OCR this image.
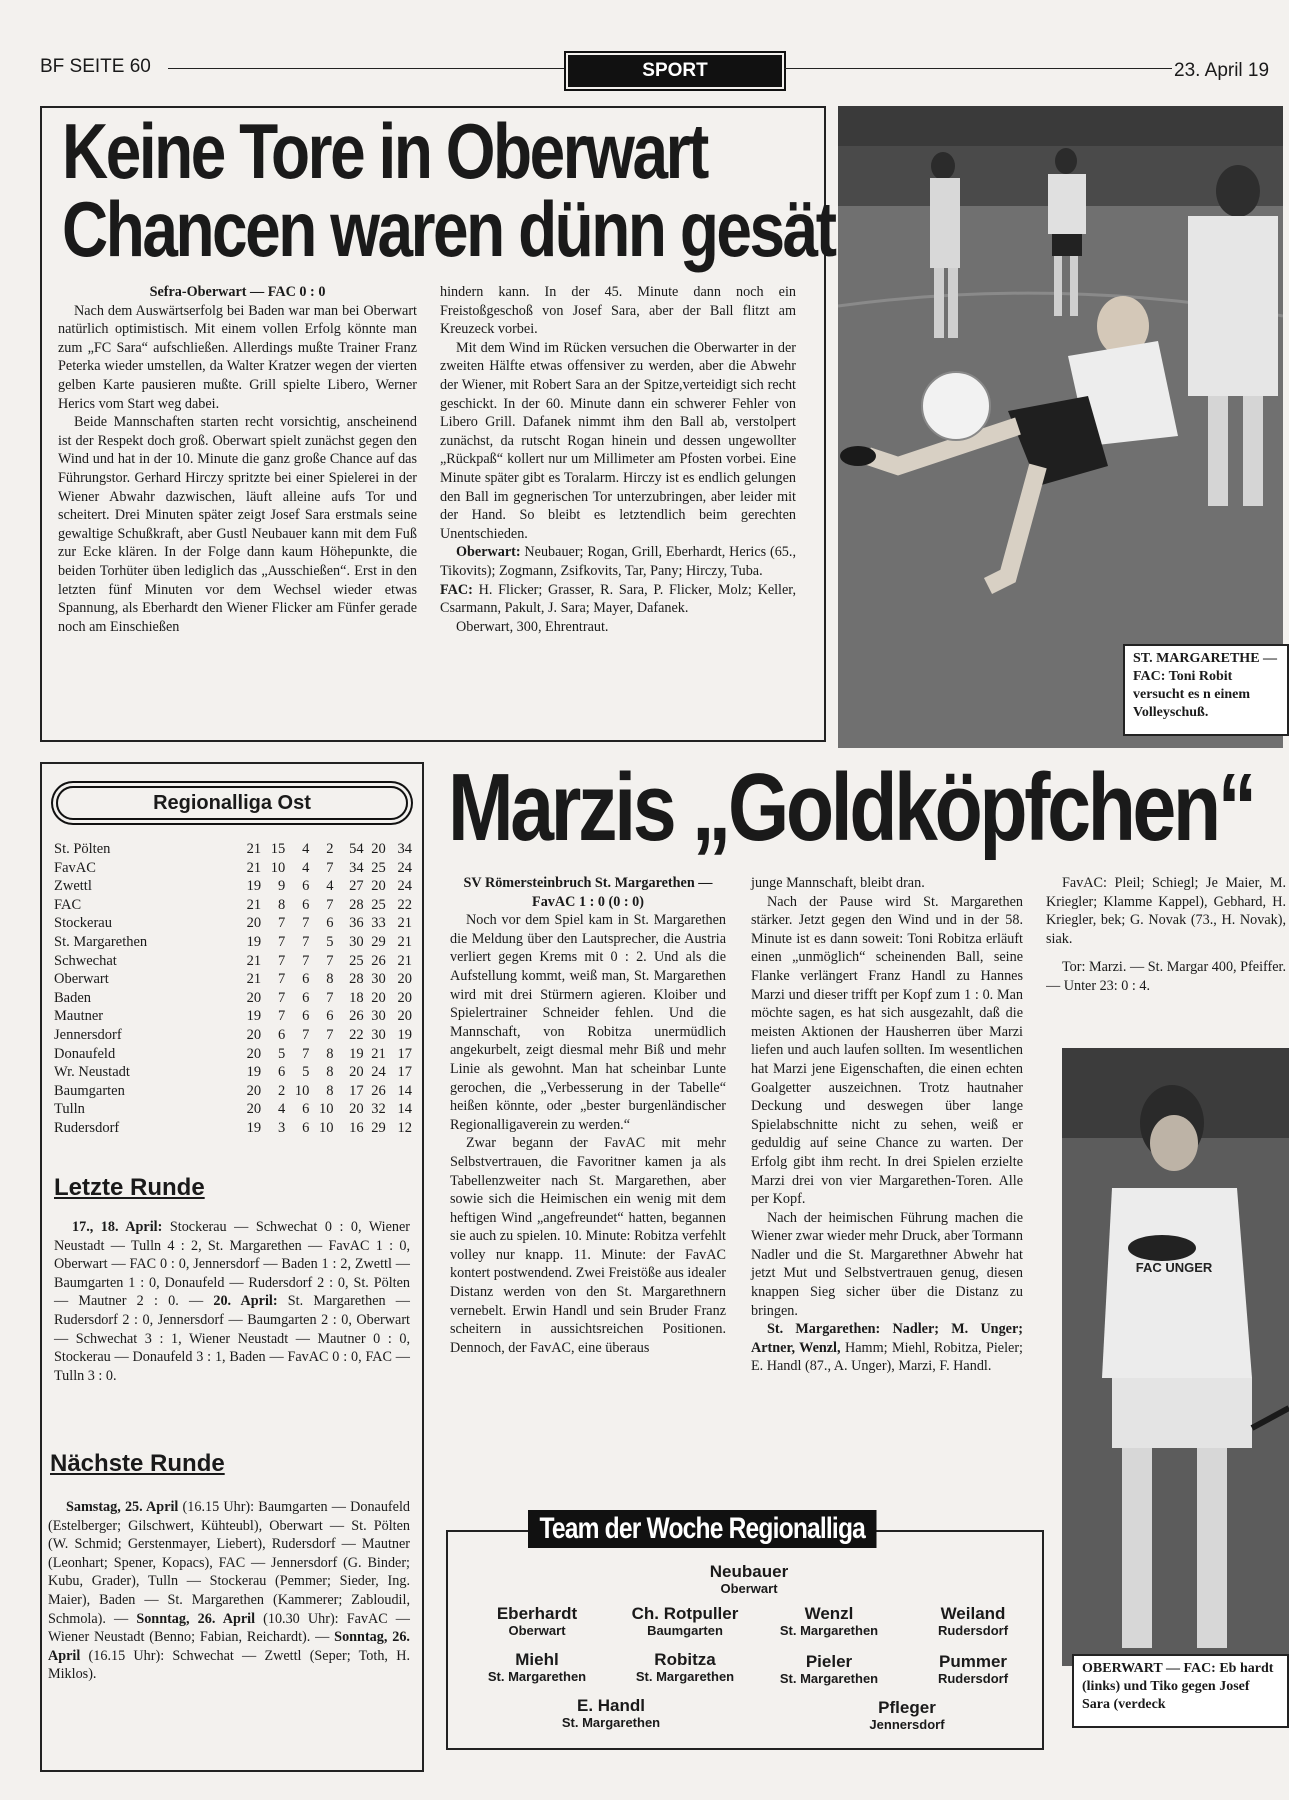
BF SEITE 60	SPORT	23. April 19
Keine Tore in Oberwart
Chancen waren dünn gesät

Sefra-Oberwart — FAC 0 : 0

Nach dem Auswärtserfolg bei Baden war man bei Oberwart natürlich optimistisch. Mit einem vollen Erfolg könnte man zum „FC Sara“ aufschließen. Allerdings mußte Trainer Franz Peterka wieder umstellen, da Walter Kratzer wegen der vierten gelben Karte pausieren mußte. Grill spielte Libero, Werner Herics vom Start weg dabei.

Beide Mannschaften starten recht vorsichtig, anscheinend ist der Respekt doch groß. Oberwart spielt zunächst gegen den Wind und hat in der 10. Minute die ganz große Chance auf das Führungstor. Gerhard Hirczy spritzte bei einer Spielerei in der Wiener Abwahr dazwischen, läuft alleine aufs Tor und scheitert. Drei Minuten später zeigt Josef Sara erstmals seine gewaltige Schußkraft, aber Gustl Neubauer kann mit dem Fuß zur Ecke klären. In der Folge dann kaum Höhepunkte, die beiden Torhüter üben lediglich das „Ausschießen“. Erst in den letzten fünf Minuten vor dem Wechsel wieder etwas Spannung, als Eberhardt den Wiener Flicker am Fünfer gerade noch am Einschießen

hindern kann. In der 45. Minute dann noch ein Freistoßgeschoß von Josef Sara, aber der Ball flitzt am Kreuzeck vorbei.

Mit dem Wind im Rücken versuchen die Oberwarter in der zweiten Hälfte etwas offensiver zu werden, aber die Abwehr der Wiener, mit Robert Sara an der Spitze,verteidigt sich recht geschickt. In der 60. Minute dann ein schwerer Fehler von Libero Grill. Dafanek nimmt ihm den Ball ab, verstolpert zunächst, da rutscht Rogan hinein und dessen ungewollter „Rückpaß“ kollert nur um Millimeter am Pfosten vorbei. Eine Minute später gibt es Toralarm. Hirczy ist es endlich gelungen den Ball im gegnerischen Tor unterzubringen, aber leider mit der Hand. So bleibt es letztendlich beim gerechten Unentschieden.

Oberwart: Neubauer; Rogan, Grill, Eberhardt, Herics (65., Tikovits); Zogmann, Zsifkovits, Tar, Pany; Hirczy, Tuba.

FAC: H. Flicker; Grasser, R. Sara, P. Flicker, Molz; Keller, Csarmann, Pakult, J. Sara; Mayer, Dafanek.

Oberwart, 300, Ehrentraut.

ST. MARGARETHE — FAC: Toni Robit versucht es n einem Volleyschuß.
Regionalliga Ost
St. Pölten	21	15	4	2	54	20	34
FavAC	21	10	4	7	34	25	24
Zwettl	19	9	6	4	27	20	24
FAC	21	8	6	7	28	25	22
Stockerau	20	7	7	6	36	33	21
St. Margarethen	19	7	7	5	30	29	21
Schwechat	21	7	7	7	25	26	21
Oberwart	21	7	6	8	28	30	20
Baden	20	7	6	7	18	20	20
Mautner	19	7	6	6	26	30	20
Jennersdorf	20	6	7	7	22	30	19
Donaufeld	20	5	7	8	19	21	17
Wr. Neustadt	19	6	5	8	20	24	17
Baumgarten	20	2	10	8	17	26	14
Tulln	20	4	6	10	20	32	14
Rudersdorf	19	3	6	10	16	29	12
Letzte Runde

17., 18. April: Stockerau — Schwechat 0 : 0, Wiener Neustadt — Tulln 4 : 2, St. Margarethen — FavAC 1 : 0, Oberwart — FAC 0 : 0, Jennersdorf — Baden 1 : 2, Zwettl — Baumgarten 1 : 0, Donaufeld — Rudersdorf 2 : 0, St. Pölten — Mautner 2 : 0. — 20. April: St. Margarethen — Rudersdorf 2 : 0, Jennersdorf — Baumgarten 2 : 0, Oberwart — Schwechat 3 : 1, Wiener Neustadt — Mautner 0 : 0, Stockerau — Donaufeld 3 : 1, Baden — FavAC 0 : 0, FAC — Tulln 3 : 0.

Nächste Runde

Samstag, 25. April (16.15 Uhr): Baumgarten — Donaufeld (Estelberger; Gilschwert, Kühteubl), Oberwart — St. Pölten (W. Schmid; Gerstenmayer, Liebert), Rudersdorf — Mautner (Leonhart; Spener, Kopacs), FAC — Jennersdorf (G. Binder; Kubu, Grader), Tulln — Stockerau (Pemmer; Sieder, Ing. Maier), Baden — St. Margarethen (Kammerer; Zabloudil, Schmola). — Sonntag, 26. April (10.30 Uhr): FavAC — Wiener Neustadt (Benno; Fabian, Reichardt). — Sonntag, 26. April (16.15 Uhr): Schwechat — Zwettl (Seper; Toth, H. Miklos).

Marzis „Goldköpfchen“

SV Römersteinbruch St. Margarethen — FavAC 1 : 0 (0 : 0)

Noch vor dem Spiel kam in St. Margarethen die Meldung über den Lautsprecher, die Austria verliert gegen Krems mit 0 : 2. Und als die Aufstellung kommt, weiß man, St. Margarethen wird mit drei Stürmern agieren. Kloiber und Spielertrainer Schneider fehlen. Und die Mannschaft, von Robitza unermüdlich angekurbelt, zeigt diesmal mehr Biß und mehr Linie als gewohnt. Man hat scheinbar Lunte gerochen, die „Verbesserung in der Tabelle“ heißen könnte, oder „bester burgenländischer Regionalligaverein zu werden.“

Zwar begann der FavAC mit mehr Selbstvertrauen, die Favoritner kamen ja als Tabellenzweiter nach St. Margarethen, aber sowie sich die Heimischen ein wenig mit dem heftigen Wind „angefreundet“ hatten, begannen sie auch zu spielen. 10. Minute: Robitza verfehlt volley nur knapp. 11. Minute: der FavAC kontert postwendend. Zwei Freistöße aus idealer Distanz werden von den St. Margarethnern vernebelt. Erwin Handl und sein Bruder Franz scheitern in aussichtsreichen Positionen. Dennoch, der FavAC, eine überaus

junge Mannschaft, bleibt dran.

Nach der Pause wird St. Margarethen stärker. Jetzt gegen den Wind und in der 58. Minute ist es dann soweit: Toni Robitza erläuft einen „unmöglich“ scheinenden Ball, seine Flanke verlängert Franz Handl zu Hannes Marzi und dieser trifft per Kopf zum 1 : 0. Man möchte sagen, es hat sich ausgezahlt, daß die meisten Aktionen der Hausherren über Marzi liefen und auch laufen sollten. Im wesentlichen hat Marzi jene Eigenschaften, die einen echten Goalgetter auszeichnen. Trotz hautnaher Deckung und deswegen über lange Spielabschnitte nicht zu sehen, weiß er geduldig auf seine Chance zu warten. Der Erfolg gibt ihm recht. In drei Spielen erzielte Marzi drei von vier Margarethen-Toren. Alle per Kopf.

Nach der heimischen Führung machen die Wiener zwar wieder mehr Druck, aber Tormann Nadler und die St. Margarethner Abwehr hat jetzt Mut und Selbstvertrauen genug, diesen knappen Sieg sicher über die Distanz zu bringen.

St. Margarethen: Nadler; M. Unger; Artner, Wenzl, Hamm; Miehl, Robitza, Pieler; E. Handl (87., A. Unger), Marzi, F. Handl.

FavAC: Pleil; Schiegl; Je Maier, M. Kriegler; Klamme Kappel), Gebhard, H. Kriegler, bek; G. Novak (73., H. Novak), siak.

Tor: Marzi. — St. Margar 400, Pfeiffer. — Unter 23: 0 : 4.

FAC UNGER
OBERWART — FAC: Eb hardt (links) und Tiko gegen Josef Sara (verdeck
Team der Woche Regionalliga
Neubauer
Oberwart
Eberhardt
Oberwart
Ch. Rotpuller
Baumgarten
Wenzl
St. Margarethen
Weiland
Rudersdorf
Miehl
St. Margarethen
Robitza
St. Margarethen
Pieler
St. Margarethen
Pummer
Rudersdorf
E. Handl
St. Margarethen
Pfleger
Jennersdorf
